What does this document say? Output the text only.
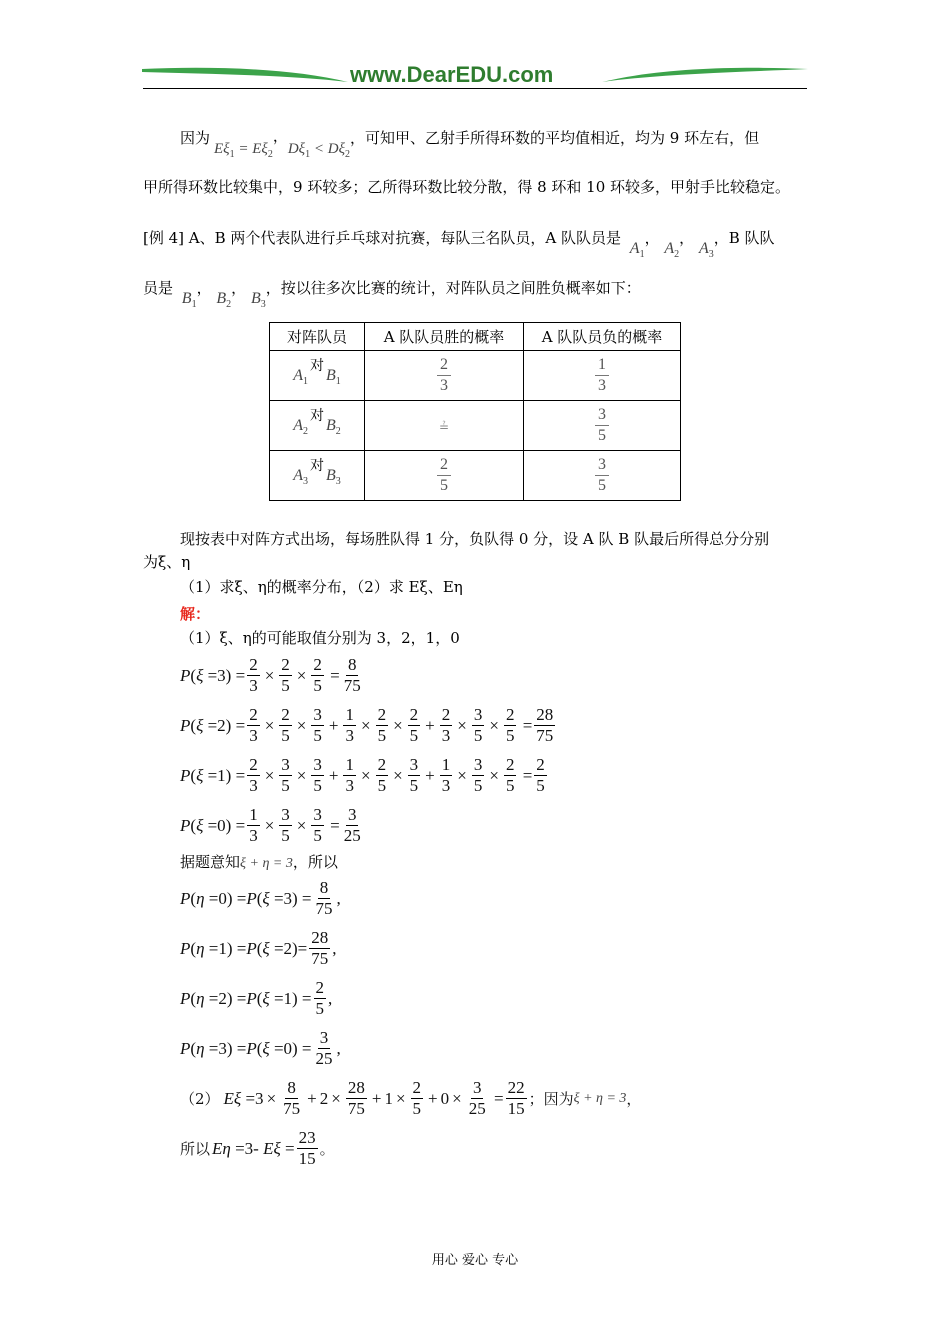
www.DearEDU.com
因为$E\xi_1 = E\xi_2$，$D\xi_1 < D\xi_2$，可知甲、乙射手所得环数的平均值相近，均为 9 环左右，但
甲所得环数比较集中，9 环较多；乙所得环数比较分散，得 8 环和 10 环较多，甲射手比较稳定。
[例 4] A、B 两个代表队进行乒乓球对抗赛，每队三名队员，A 队队员是 $A_1$， $A_2$， $A_3$，B 队队
员是 $B_1$， $B_2$， $B_3$，按以往多次比赛的统计，对阵队员之间胜负概率如下：
对阵队员	A 队队员胜的概率	A 队队员负的概率
$A_1$对$B_1$	$\frac{2}{3}$	$\frac{1}{3}$

$A_2$对$B_2$	≟	$\frac{3}{5}$

$A_3$对$B_3$	$\frac{2}{5}$	$\frac{3}{5}$
现按表中对阵方式出场，每场胜队得 1 分，负队得 0 分，设 A 队 B 队最后所得总分分别
为ξ、η
（1）求ξ、η的概率分布，（2）求 Eξ、Eη
解：
（1）ξ、η的可能取值分别为 3，2，1，0
P ( $\xi =3) = \frac{2}{3} \times \frac{2}{5} \times \frac{2}{5} = \frac{8}{75}$
P ( $\xi =2) = \frac{2}{3} \times \frac{2}{5} \times \frac{3}{5} + \frac{1}{3} \times \frac{2}{5} \times \frac{2}{5} + \frac{2}{3} \times \frac{3}{5} \times \frac{2}{5} = \frac{28}{75}$
P ( $\xi =1) = \frac{2}{3} \times \frac{3}{5} \times \frac{3}{5} + \frac{1}{3} \times \frac{2}{5} \times \frac{3}{5} + \frac{1}{3} \times \frac{3}{5} \times \frac{2}{5} = \frac{2}{5}$
P ( $\xi =0) = \frac{1}{3} \times \frac{3}{5} \times \frac{3}{5} = \frac{3}{25}$
据题意知ξ + η = 3，所以
P ( η =0) = P ( $\xi =3) = \frac{8}{75}$ ,
P ( η =1) = P ( $\xi =2)= \frac{28}{75}$ ,
P ( η =2) = P ( $\xi =1) = \frac{2}{5}$ ,
P ( η =3) = P ( $\xi =0) = \frac{3}{25}$ ,
（2） $E\xi =3 \times \frac{8}{75} + 2 \times \frac{28}{75} + 1 \times \frac{2}{5} + 0 \times \frac{3}{25} = \frac{22}{15}$ ；因为 ξ + η = 3 ，
所以 Eη =3- $E\xi = \frac{23}{15}$ 。
用心 爱心 专心
